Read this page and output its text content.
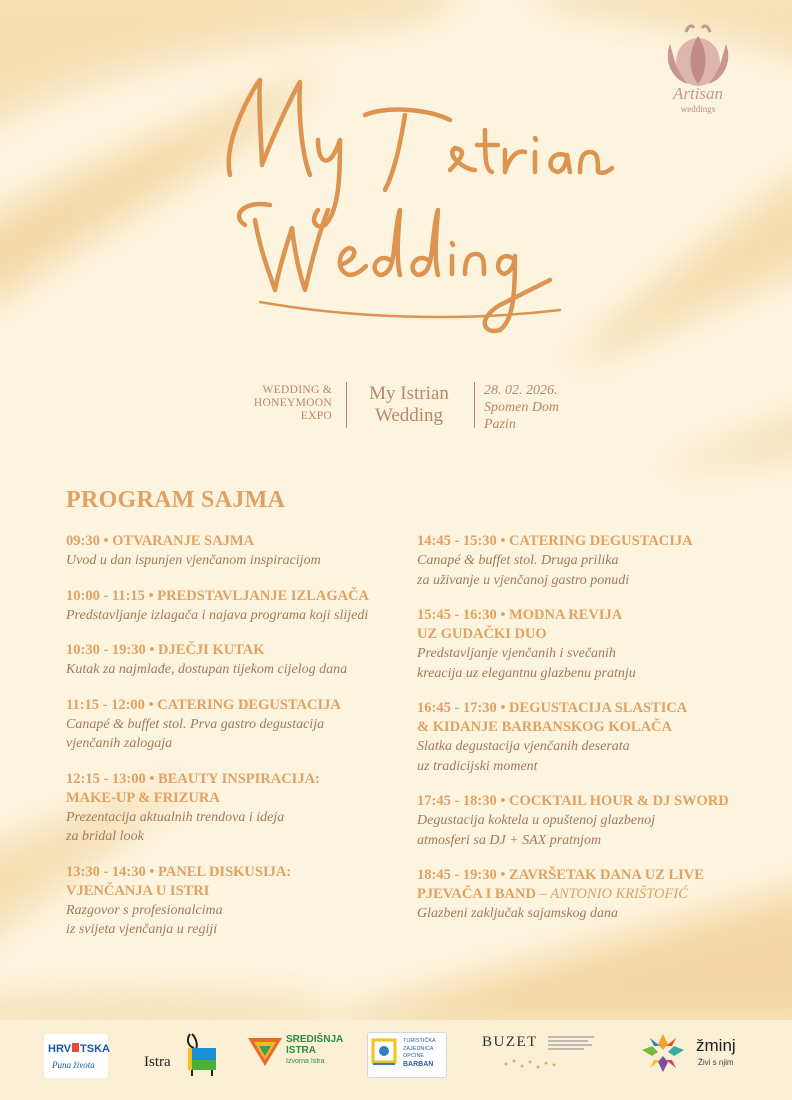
Artisan
weddings
WEDDING &
HONEYMOON
EXPO
My Istrian
Wedding
28. 02. 2026.
Spomen Dom
Pazin
PROGRAM SAJMA
09:30 • OTVARANJE SAJMA
Uvod u dan ispunjen vjenčanom inspiracijom
10:00 - 11:15 • PREDSTAVLJANJE IZLAGAČA
Predstavljanje izlagača i najava programa koji slijedi
10:30 - 19:30 • DJEČJI KUTAK
Kutak za najmlađe, dostupan tijekom cijelog dana
11:15 - 12:00 • CATERING DEGUSTACIJA
Canapé & buffet stol. Prva gastro degustacija
vjenčanih zalogaja
12:15 - 13:00 • BEAUTY INSPIRACIJA:
MAKE-UP & FRIZURA
Prezentacija aktualnih trendova i ideja
za bridal look
13:30 - 14:30 • PANEL DISKUSIJA:
VJENČANJA U ISTRI
Razgovor s profesionalcima
iz svijeta vjenčanja u regiji
14:45 - 15:30 • CATERING DEGUSTACIJA
Canapé & buffet stol. Druga prilika
za uživanje u vjenčanoj gastro ponudi
15:45 - 16:30 • MODNA REVIJA
UZ GUDAČKI DUO
Predstavljanje vjenčanih i svečanih
kreacija uz elegantnu glazbenu pratnju
16:45 - 17:30 • DEGUSTACIJA SLASTICA
& KIDANJE BARBANSKOG KOLAČA
Slatka degustacija vjenčanih deserata
uz tradicijski moment
17:45 - 18:30 • COCKTAIL HOUR & DJ SWORD
Degustacija koktela u opuštenoj glazbenoj
atmosferi sa DJ + SAX pratnjom
18:45 - 19:30 • ZAVRŠETAK DANA UZ LIVE
PJEVAČA I BAND – ANTONIO KRIŠTOFIĆ
Glazbeni zaključak sajamskog dana
HRV TSKA
Puna života	Istra
SREDIŠNJA
ISTRA
Izvorna Istra
TURISTIČKA
ZAJEDNICA
OPĆINE
BARBAN
BUZET	žminj
Živi s njim
